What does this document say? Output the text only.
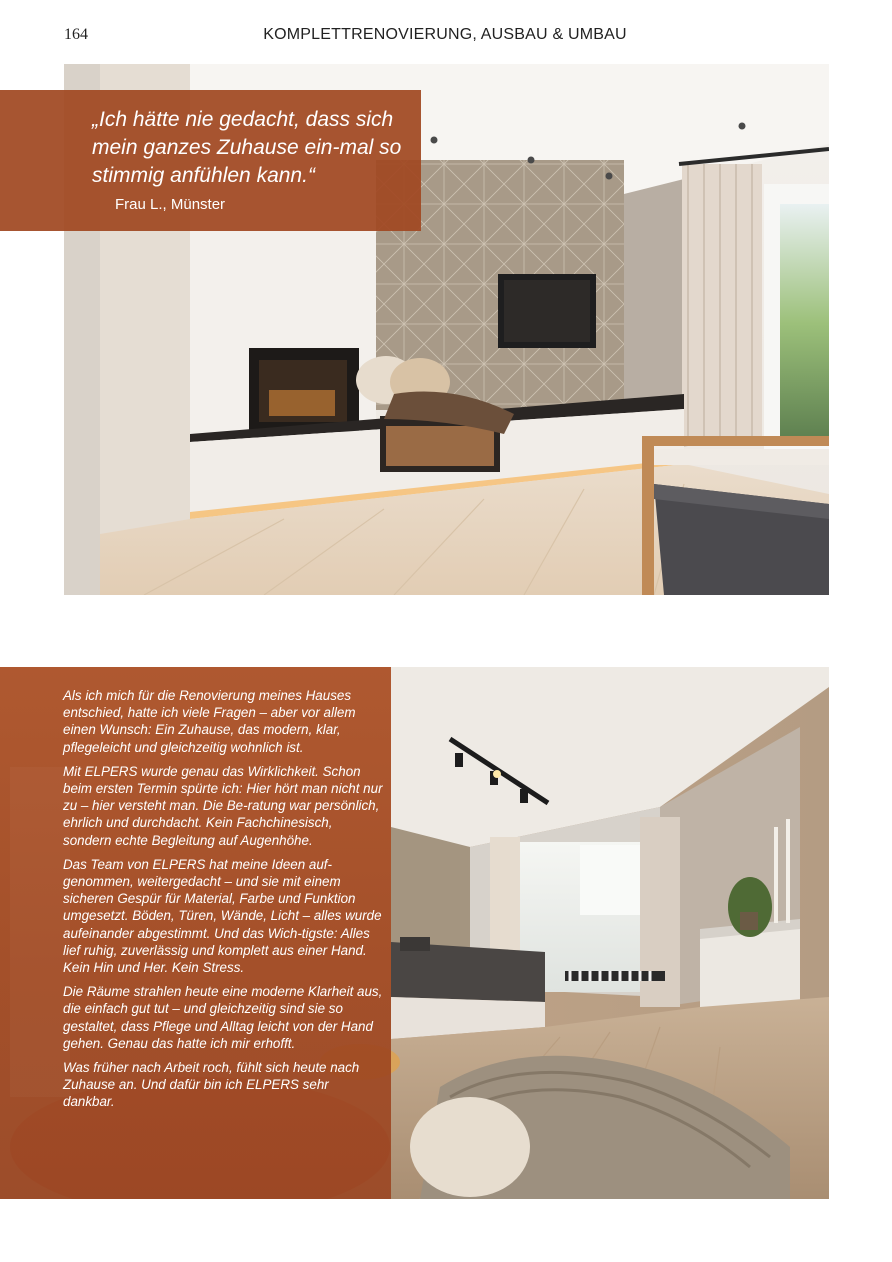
164	KOMPLETTRENOVIERUNG, AUSBAU & UMBAU
„Ich hätte nie gedacht, dass sich mein ganzes Zuhause ein-mal so stimmig anfühlen kann.“
Frau L., Münster

Als ich mich für die Renovierung meines Hauses entschied, hatte ich viele Fragen – aber vor allem einen Wunsch: Ein Zuhause, das modern, klar, pflegeleicht und gleichzeitig wohnlich ist.

Mit ELPERS wurde genau das Wirklichkeit. Schon beim ersten Termin spürte ich: Hier hört man nicht nur zu – hier versteht man. Die Be-ratung war persönlich, ehrlich und durchdacht. Kein Fachchinesisch, sondern echte Begleitung auf Augenhöhe.

Das Team von ELPERS hat meine Ideen auf-genommen, weitergedacht – und sie mit einem sicheren Gespür für Material, Farbe und Funktion umgesetzt. Böden, Türen, Wände, Licht – alles wurde aufeinander abgestimmt. Und das Wich-tigste: Alles lief ruhig, zuverlässig und komplett aus einer Hand. Kein Hin und Her. Kein Stress.

Die Räume strahlen heute eine moderne Klarheit aus, die einfach gut tut – und gleichzeitig sind sie so gestaltet, dass Pflege und Alltag leicht von der Hand gehen. Genau das hatte ich mir erhofft.

Was früher nach Arbeit roch, fühlt sich heute nach Zuhause an. Und dafür bin ich ELPERS sehr dankbar.
